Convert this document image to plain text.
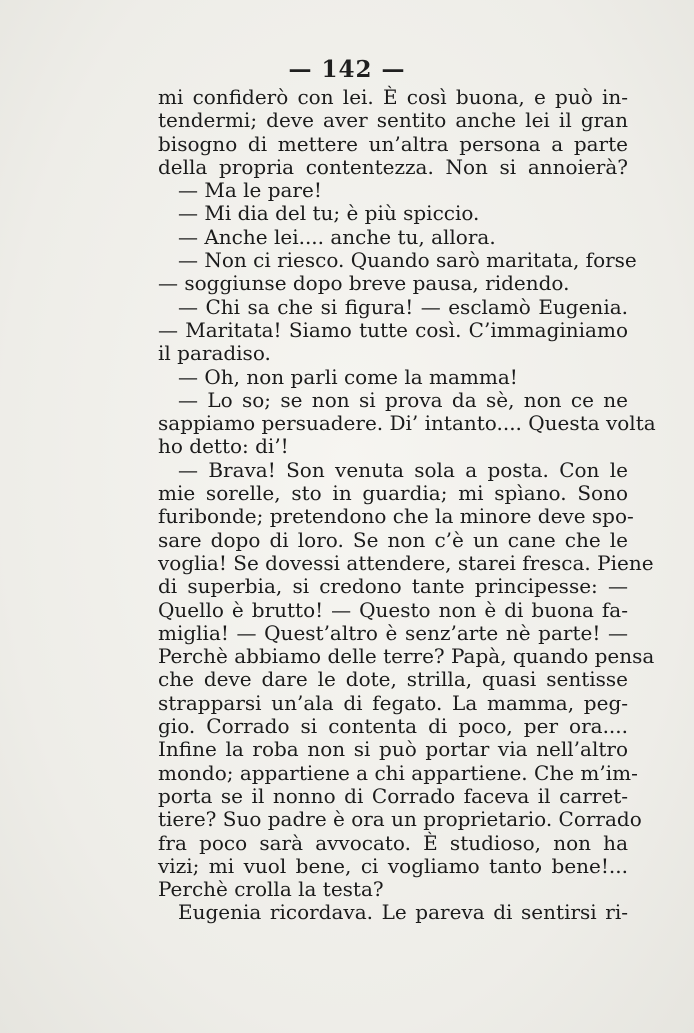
— 142 —
mi confiderò con lei. È così buona, e può in-
tendermi; deve aver sentito anche lei il gran
bisogno di mettere un’altra persona a parte
della propria contentezza. Non si annoierà?
— Ma le pare!
— Mi dia del tu; è più spiccio.
— Anche lei.... anche tu, allora.
— Non ci riesco. Quando sarò maritata, forse
— soggiunse dopo breve pausa, ridendo.
— Chi sa che si figura! — esclamò Eugenia.
— Maritata! Siamo tutte così. C’immaginiamo
il paradiso.
— Oh, non parli come la mamma!
— Lo so; se non si prova da sè, non ce ne
sappiamo persuadere. Di’ intanto.... Questa volta
ho detto: di’!
— Brava! Son venuta sola a posta. Con le
mie sorelle, sto in guardia; mi spìano. Sono
furibonde; pretendono che la minore deve spo-
sare dopo di loro. Se non c’è un cane che le
voglia! Se dovessi attendere, starei fresca. Piene
di superbia, si credono tante principesse: —
Quello è brutto! — Questo non è di buona fa-
miglia! — Quest’altro è senz’arte nè parte! —
Perchè abbiamo delle terre? Papà, quando pensa
che deve dare le dote, strilla, quasi sentisse
strapparsi un’ala di fegato. La mamma, peg-
gio. Corrado si contenta di poco, per ora....
Infine la roba non si può portar via nell’altro
mondo; appartiene a chi appartiene. Che m’im-
porta se il nonno di Corrado faceva il carret-
tiere? Suo padre è ora un proprietario. Corrado
fra poco sarà avvocato. È studioso, non ha
vizi; mi vuol bene, ci vogliamo tanto bene!...
Perchè crolla la testa?
Eugenia ricordava. Le pareva di sentirsi ri-
